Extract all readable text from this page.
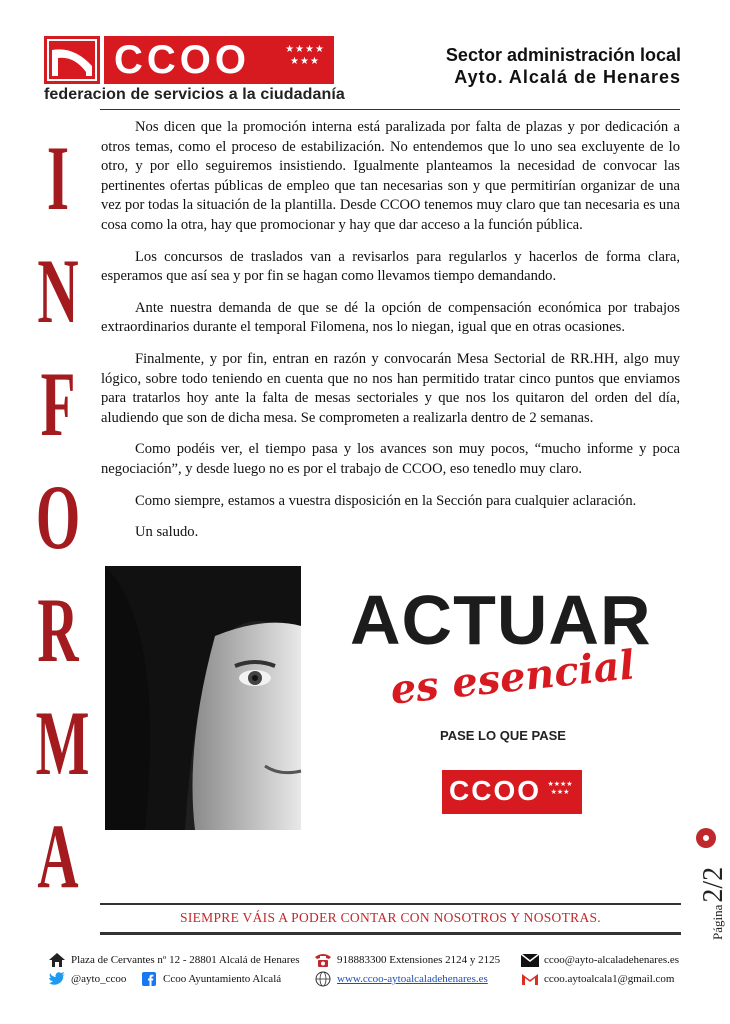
CCOO	★★★★ ★★★
federacion de servicios a la ciudadanía
Sector administración local
Ayto. Alcalá de Henares
I
N
F
O
R
M
A

Nos dicen que la promoción interna está paralizada por falta de plazas y por dedicación a otros temas, como el proceso de estabilización. No entendemos que lo uno sea excluyente de lo otro, y por ello seguiremos insistiendo. Igualmente planteamos la necesidad de convocar las pertinentes ofertas públicas de empleo que tan necesarias son y que permitirían organizar de una vez por todas la situación de la plantilla. Desde CCOO tenemos muy claro que tan necesaria es una cosa como la otra, hay que promocionar y hay que dar acceso a la función pública.

Los concursos de traslados van a revisarlos para regularlos y hacerlos de forma clara, esperamos que así sea y por fin se hagan como llevamos tiempo demandando.

Ante nuestra demanda de que se dé la opción de compensación económica por trabajos extraordinarios durante el temporal Filomena, nos lo niegan, igual que en otras ocasiones.

Finalmente, y por fin, entran en razón y convocarán Mesa Sectorial de RR.HH, algo muy lógico, sobre todo teniendo en cuenta que no nos han permitido tratar cinco puntos que enviamos para tratarlos hoy ante la falta de mesas sectoriales y que nos los quitaron del orden del día, aludiendo que son de dicha mesa. Se comprometen a realizarla dentro de 2 semanas.

Como podéis ver, el tiempo pasa y los avances son muy pocos, “mucho informe y poca negociación”, y desde luego no es por el trabajo de CCOO, eso tenedlo muy claro.

Como siempre, estamos a vuestra disposición en la Sección para cualquier aclaración.

Un saludo.

ACTUAR
es esencial
PASE LO QUE PASE
CCOO ★★★★ ★★★
SIEMPRE VÁIS A PODER CONTAR CON NOSOTROS Y NOSOTRAS.	Página2/2
Plaza de Cervantes nº 12 - 28801 Alcalá de Henares	918883300 Extensiones 2124 y 2125	ccoo@ayto-alcaladehenares.es
@ayto_ccoo	Ccoo Ayuntamiento Alcalá	www.ccoo-aytoalcaladehenares.es	ccoo.aytoalcala1@gmail.com
